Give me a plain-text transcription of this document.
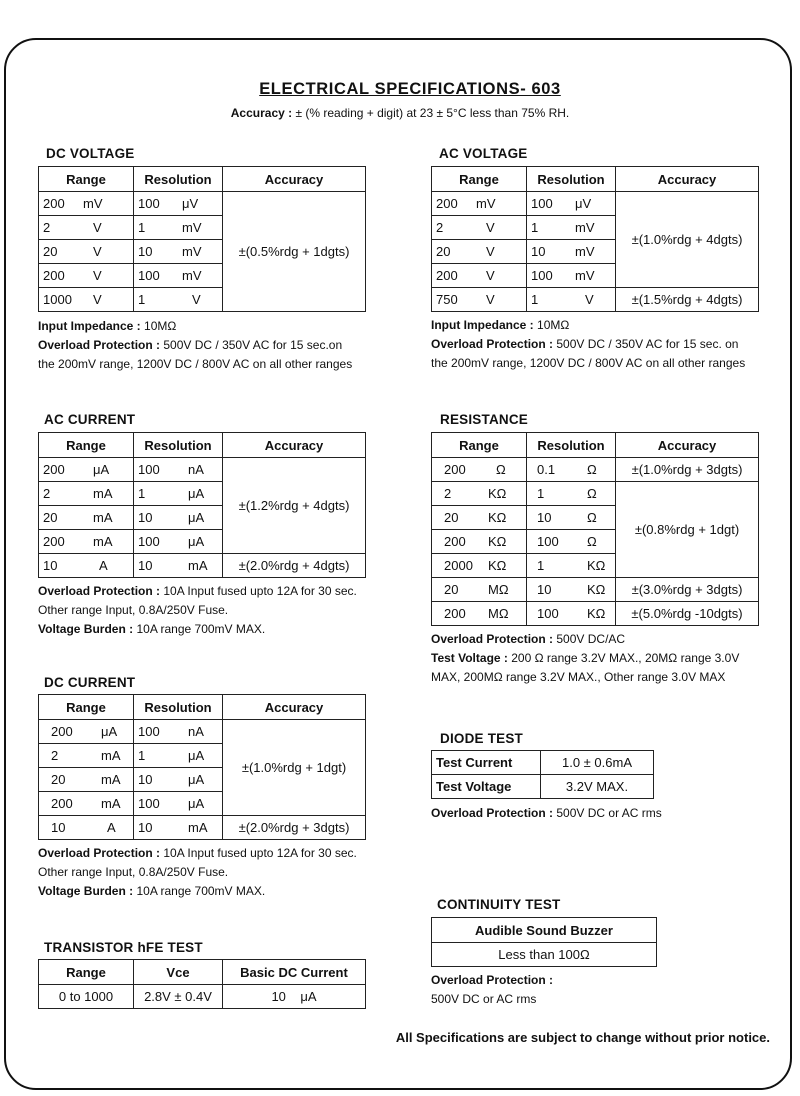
ELECTRICAL SPECIFICATIONS- 603
Accuracy : ± (% reading + digit) at 23 ± 5°C less than 75% RH.
DC VOLTAGE
Range	Resolution	Accuracy
200 mV	100 μV	±(0.5%rdg + 1dgts)
2 V	1 mV	
20 V	10 mV	
200 V	100 mV	
1000 V	1 V	
Input Impedance : 10MΩ
Overload Protection : 500V DC / 350V AC for 15 sec.on
the 200mV range, 1200V DC / 800V AC on all other ranges
AC VOLTAGE
Range	Resolution	Accuracy
200 mV	100 μV	±(1.0%rdg + 4dgts)
2 V	1 mV	
20 V	10 mV	
200 V	100 mV	
750 V	1 V	±(1.5%rdg + 4dgts)
Input Impedance : 10MΩ
Overload Protection : 500V DC / 350V AC for 15 sec. on
the 200mV range, 1200V DC / 800V AC on all other ranges
AC CURRENT
Range	Resolution	Accuracy
200 μA	100 nA	±(1.2%rdg + 4dgts)
2 mA	1 μA	
20 mA	10 μA	
200 mA	100 μA	
10 A	10 mA	±(2.0%rdg + 4dgts)
Overload Protection : 10A Input fused upto 12A for 30 sec.
Other range Input, 0.8A/250V Fuse.
Voltage Burden : 10A range 700mV MAX.
RESISTANCE
Range	Resolution	Accuracy
200 Ω	0.1 Ω	±(1.0%rdg + 3dgts)
2 KΩ	1 Ω	±(0.8%rdg + 1dgt)
20 KΩ	10 Ω	
200 KΩ	100 Ω	
2000 KΩ	1 KΩ	
20 MΩ	10 KΩ	±(3.0%rdg + 3dgts)
200 MΩ	100 KΩ	±(5.0%rdg -10dgts)
Overload Protection : 500V DC/AC
Test Voltage : 200 Ω range 3.2V MAX., 20MΩ range 3.0V
MAX, 200MΩ range 3.2V MAX., Other range 3.0V MAX
DC CURRENT
Range	Resolution	Accuracy
200 μA	100 nA	±(1.0%rdg + 1dgt)
2 mA	1 μA	
20 mA	10 μA	
200 mA	100 μA	
10 A	10 mA	±(2.0%rdg + 3dgts)
Overload Protection : 10A Input fused upto 12A for 30 sec.
Other range Input, 0.8A/250V Fuse.
Voltage Burden : 10A range 700mV MAX.
DIODE TEST
Test Current	1.0 ± 0.6mA
Test Voltage	3.2V MAX.
Overload Protection : 500V DC or AC rms
CONTINUITY TEST
Audible Sound Buzzer
Less than 100Ω
Overload Protection :
500V DC or AC rms
TRANSISTOR hFE TEST
Range	Vce	Basic DC Current
0 to 1000	2.8V ± 0.4V	10 μA
All Specifications are subject to change without prior notice.
